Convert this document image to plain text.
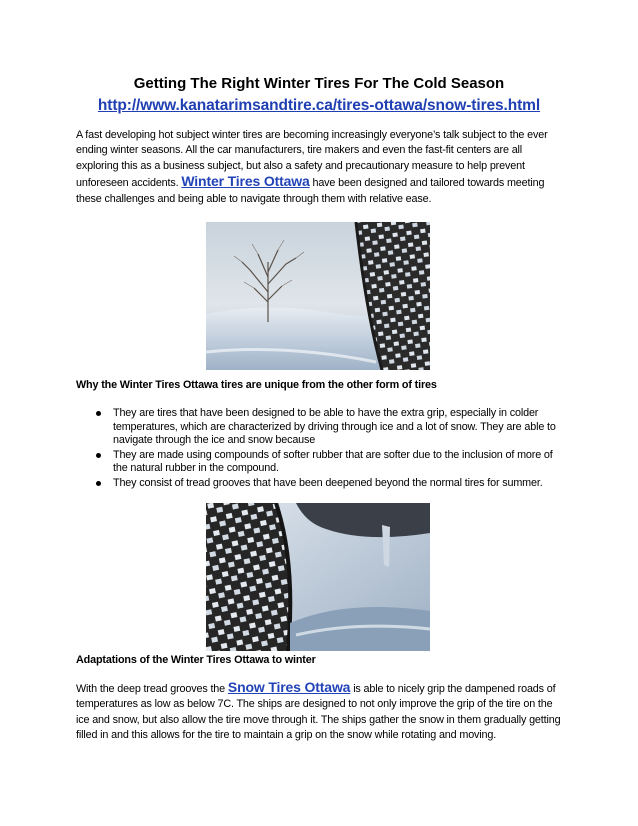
Getting The Right Winter Tires For The Cold Season
http://www.kanatarimsandtire.ca/tires-ottawa/snow-tires.html
A fast developing hot subject winter tires are becoming increasingly everyone’s talk subject to the ever ending winter seasons. All the car manufacturers, tire makers and even the fast-fit centers are all exploring this as a business subject, but also a safety and precautionary measure to help prevent unforeseen accidents. Winter Tires Ottawa have been designed and tailored towards meeting these challenges and being able to navigate through them with relative ease.
Why the Winter Tires Ottawa tires are unique from the other form of tires
They are tires that have been designed to be able to have the extra grip, especially in colder temperatures, which are characterized by driving through ice and a lot of snow. They are able to navigate through the ice and snow because
They are made using compounds of softer rubber that are softer due to the inclusion of more of the natural rubber in the compound.
They consist of tread grooves that have been deepened beyond the normal tires for summer.
Adaptations of the Winter Tires Ottawa to winter
With the deep tread grooves the Snow Tires Ottawa is able to nicely grip the dampened roads of temperatures as low as below 7C. The ships are designed to not only improve the grip of the tire on the ice and snow, but also allow the tire move through it. The ships gather the snow in them gradually getting filled in and this allows for the tire to maintain a grip on the snow while rotating and moving.
